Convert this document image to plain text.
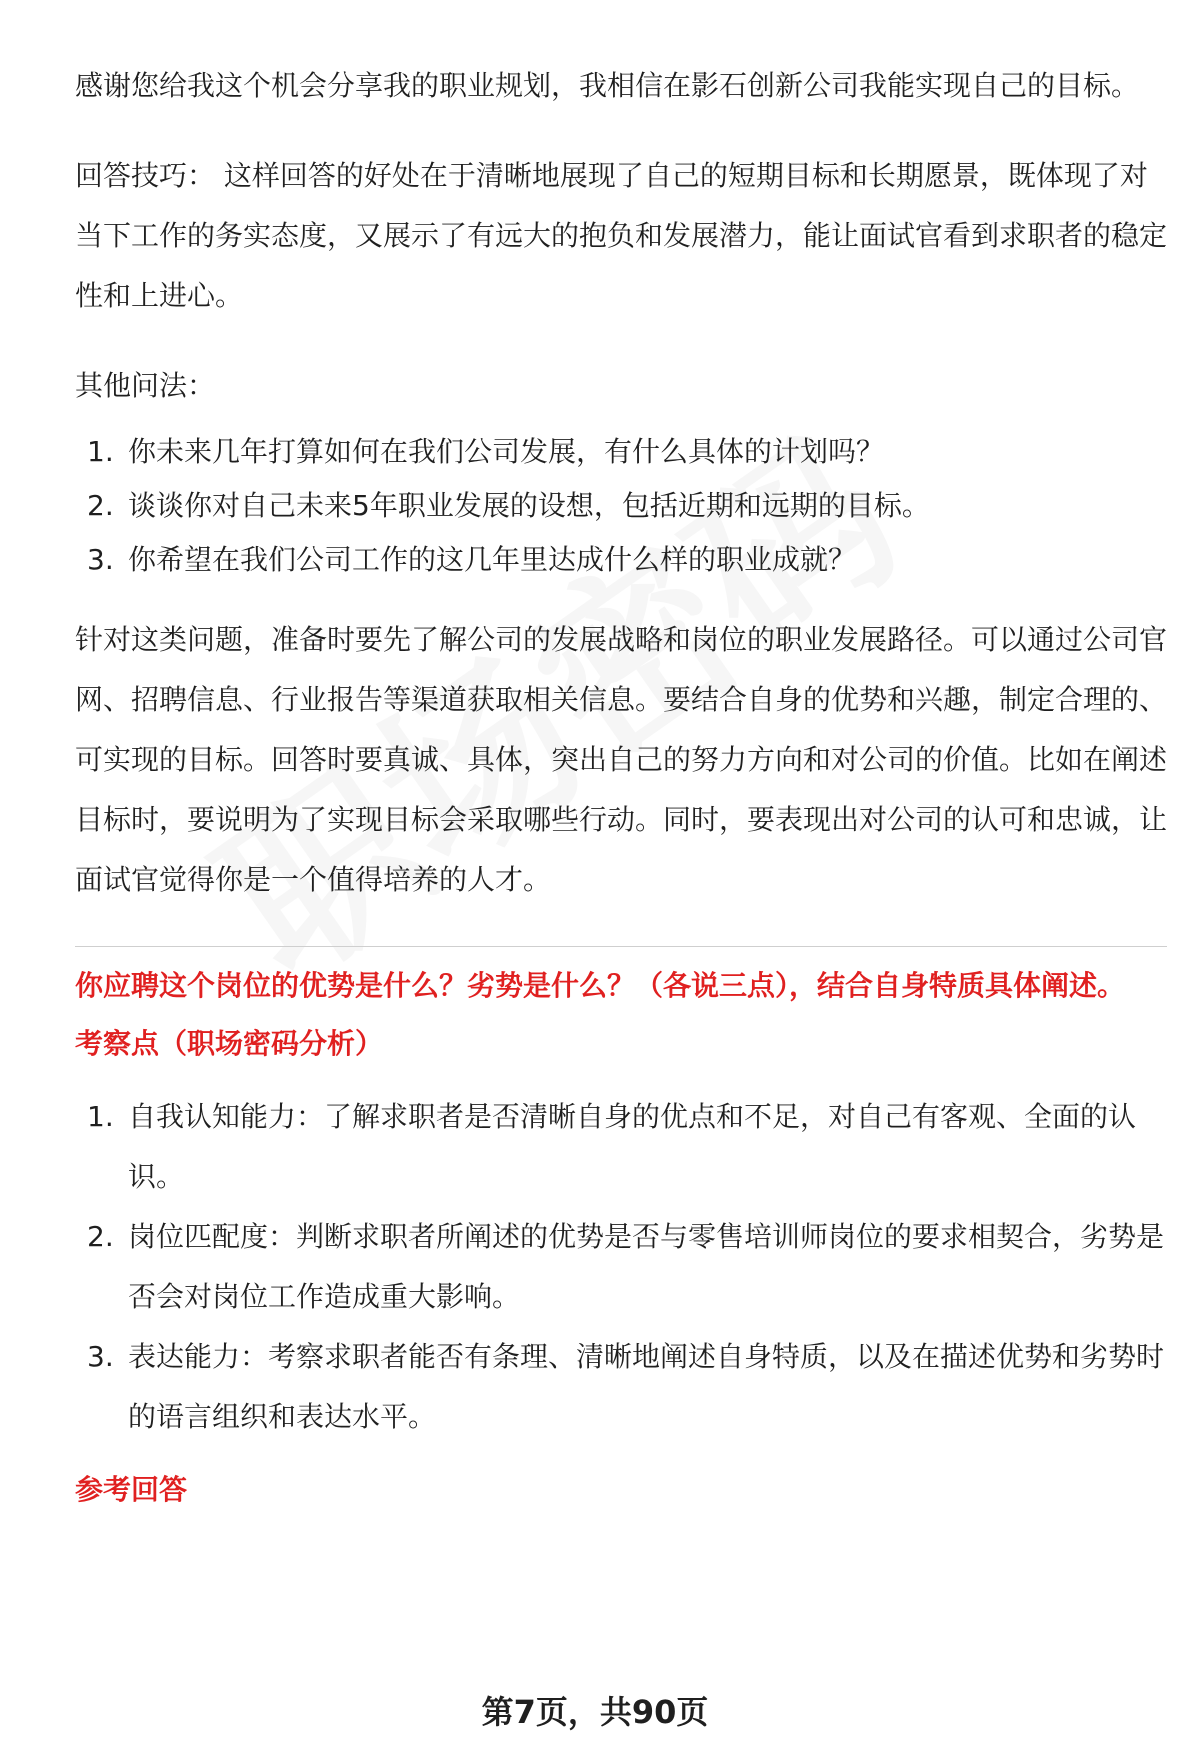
感谢您给我这个机会分享我的职业规划，我相信在影石创新公司我能实现自己的目标。

回答技巧： 这样回答的好处在于清晰地展现了自己的短期目标和长期愿景，既体现了对当下工作的务实态度，又展示了有远大的抱负和发展潜力，能让面试官看到求职者的稳定性和上进心。

其他问法：

1. 你未来几年打算如何在我们公司发展，有什么具体的计划吗？
2. 谈谈你对自己未来5年职业发展的设想，包括近期和远期的目标。
3. 你希望在我们公司工作的这几年里达成什么样的职业成就？

针对这类问题，准备时要先了解公司的发展战略和岗位的职业发展路径。可以通过公司官网、招聘信息、行业报告等渠道获取相关信息。要结合自身的优势和兴趣，制定合理的、可实现的目标。回答时要真诚、具体，突出自己的努力方向和对公司的价值。比如在阐述目标时，要说明为了实现目标会采取哪些行动。同时，要表现出对公司的认可和忠诚，让面试官觉得你是一个值得培养的人才。

你应聘这个岗位的优势是什么？劣势是什么？（各说三点），结合自身特质具体阐述。
考察点（职场密码分析）
1. 自我认知能力：了解求职者是否清晰自身的优点和不足，对自己有客观、全面的认识。
2. 岗位匹配度：判断求职者所阐述的优势是否与零售培训师岗位的要求相契合，劣势是否会对岗位工作造成重大影响。
3. 表达能力：考察求职者能否有条理、清晰地阐述自身特质，以及在描述优势和劣势时的语言组织和表达水平。
参考回答
第7页，共90页
